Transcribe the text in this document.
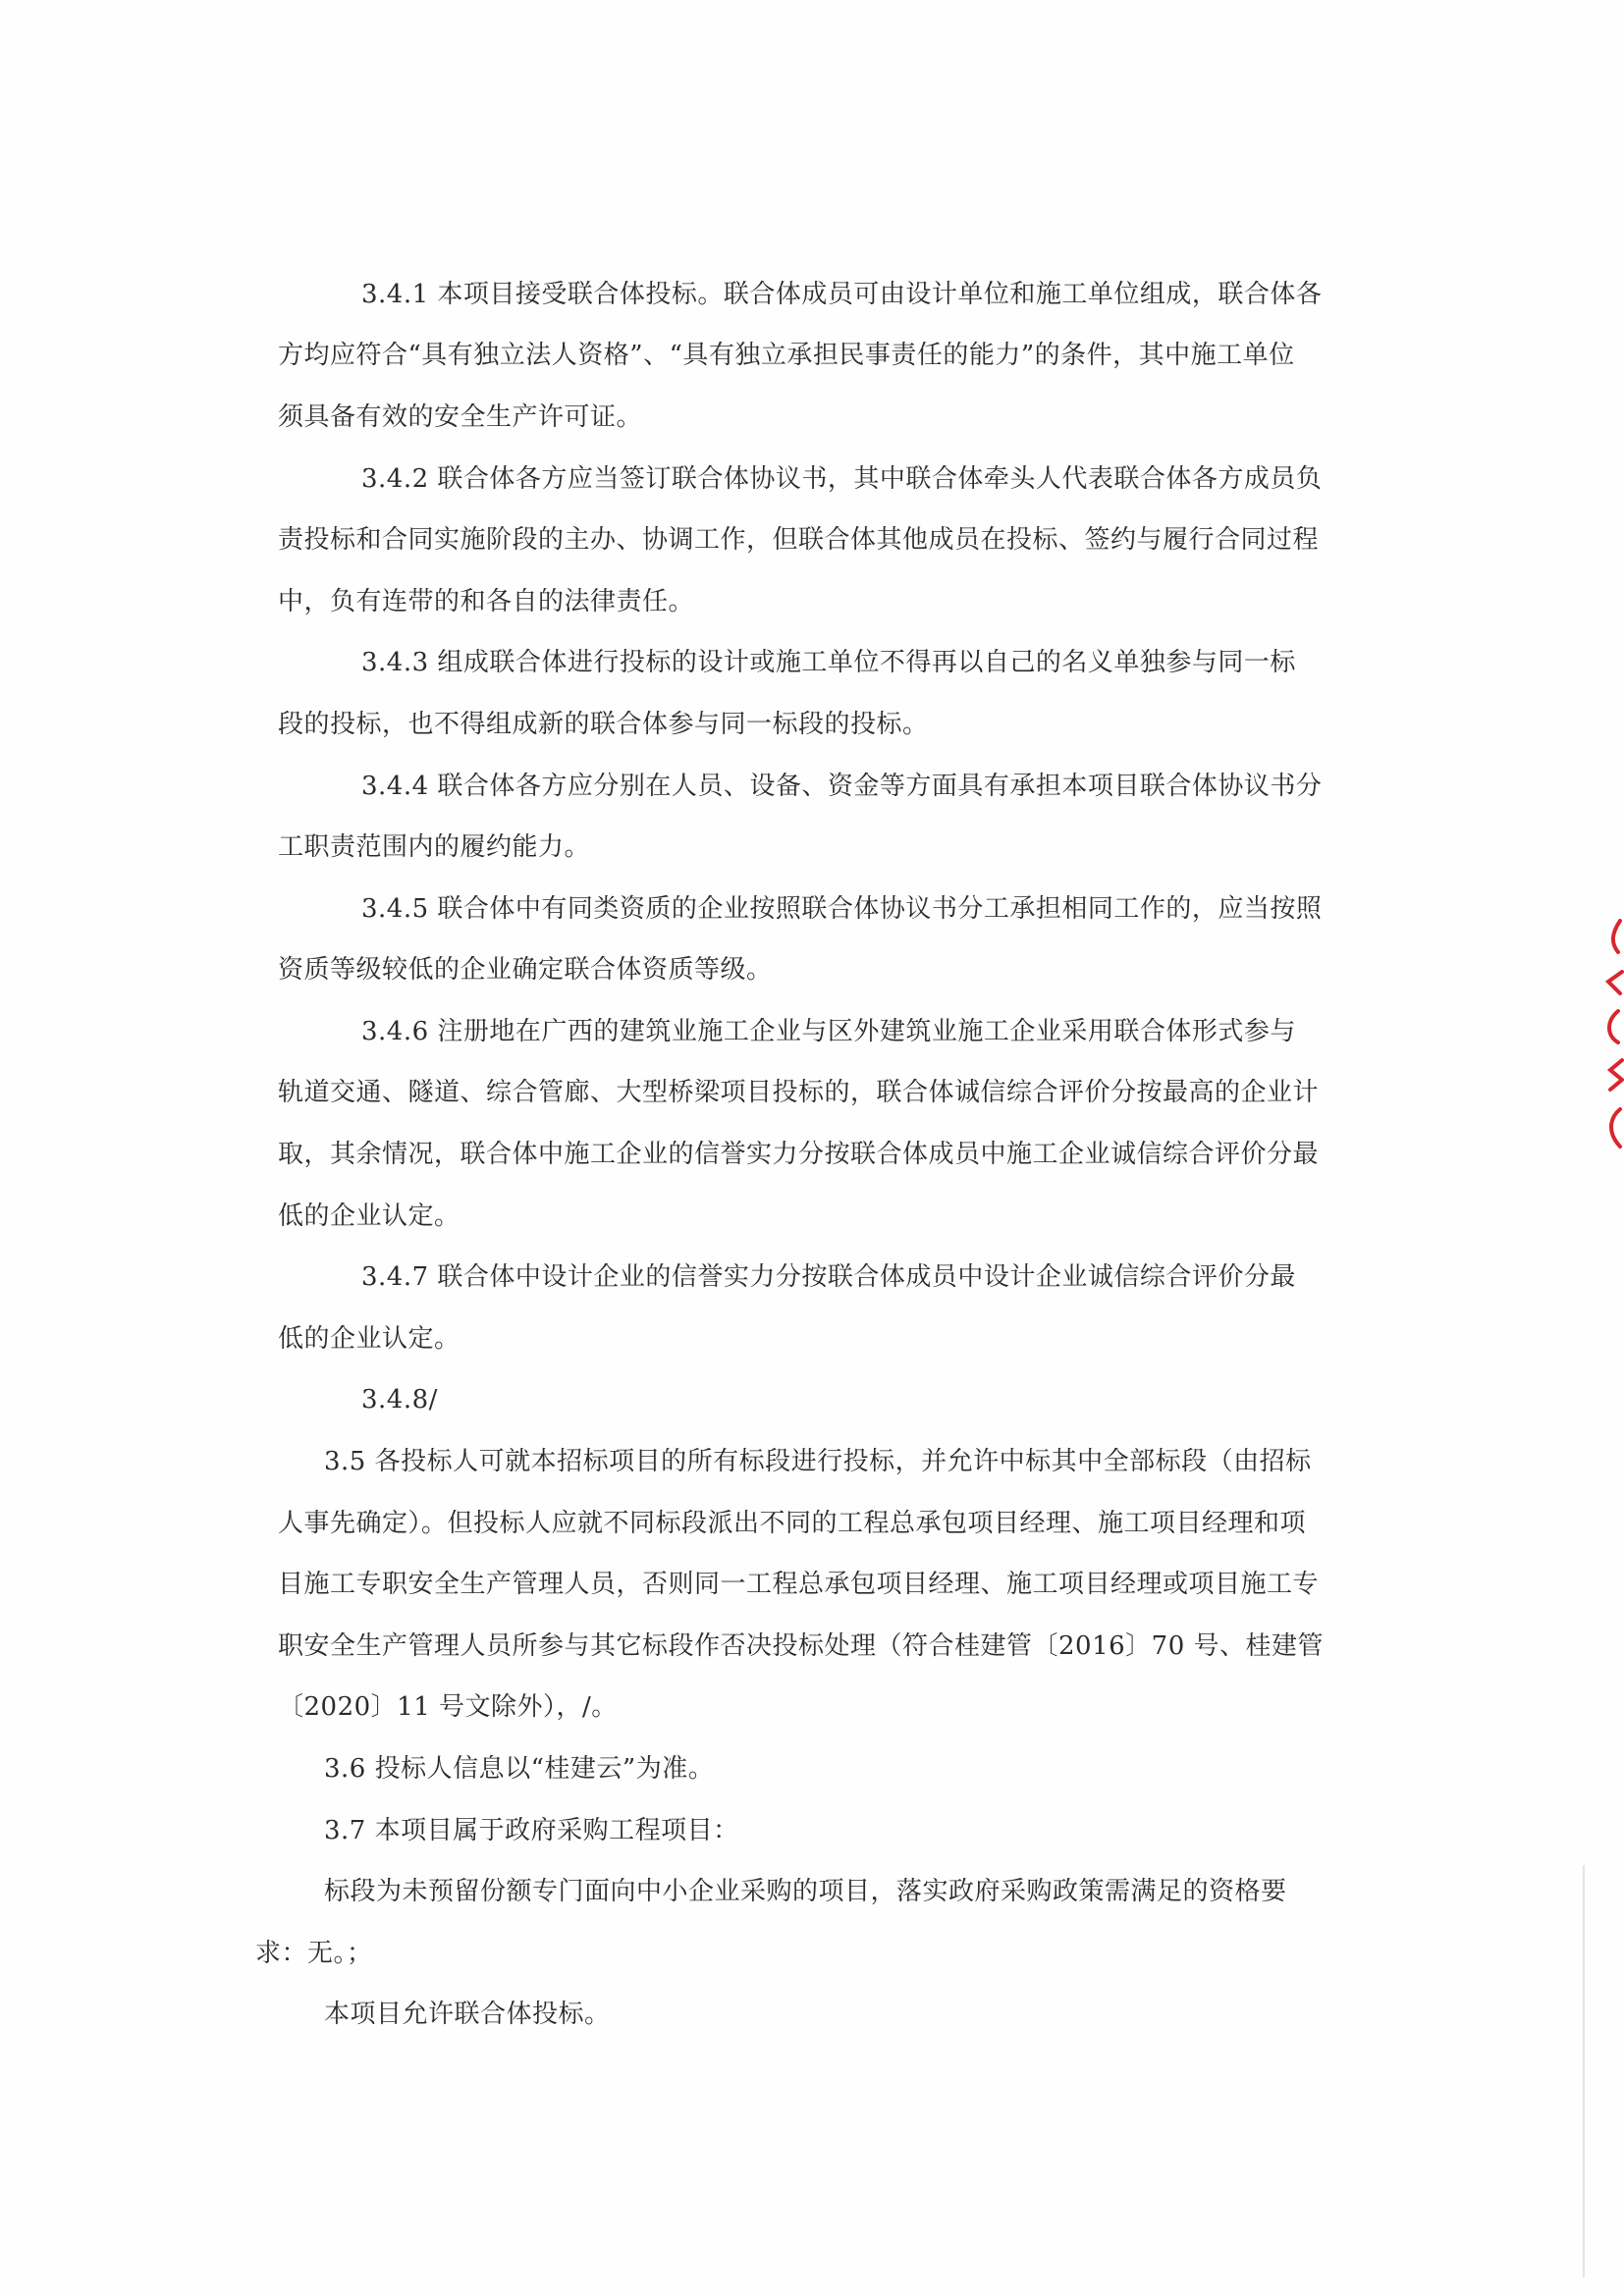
3.4.1 本项目接受联合体投标。联合体成员可由设计单位和施工单位组成，联合体各
方均应符合“具有独立法人资格”、“具有独立承担民事责任的能力”的条件，其中施工单位
须具备有效的安全生产许可证。
3.4.2 联合体各方应当签订联合体协议书，其中联合体牵头人代表联合体各方成员负
责投标和合同实施阶段的主办、协调工作，但联合体其他成员在投标、签约与履行合同过程
中，负有连带的和各自的法律责任。
3.4.3 组成联合体进行投标的设计或施工单位不得再以自己的名义单独参与同一标
段的投标，也不得组成新的联合体参与同一标段的投标。
3.4.4 联合体各方应分别在人员、设备、资金等方面具有承担本项目联合体协议书分
工职责范围内的履约能力。
3.4.5 联合体中有同类资质的企业按照联合体协议书分工承担相同工作的，应当按照
资质等级较低的企业确定联合体资质等级。
3.4.6 注册地在广西的建筑业施工企业与区外建筑业施工企业采用联合体形式参与
轨道交通、隧道、综合管廊、大型桥梁项目投标的，联合体诚信综合评价分按最高的企业计
取，其余情况，联合体中施工企业的信誉实力分按联合体成员中施工企业诚信综合评价分最
低的企业认定。
3.4.7 联合体中设计企业的信誉实力分按联合体成员中设计企业诚信综合评价分最
低的企业认定。
3.4.8/
3.5 各投标人可就本招标项目的所有标段进行投标，并允许中标其中全部标段（由招标
人事先确定）。但投标人应就不同标段派出不同的工程总承包项目经理、施工项目经理和项
目施工专职安全生产管理人员，否则同一工程总承包项目经理、施工项目经理或项目施工专
职安全生产管理人员所参与其它标段作否决投标处理（符合桂建管〔2016〕70 号、桂建管
〔2020〕11 号文除外），/。
3.6 投标人信息以“桂建云”为准。
3.7 本项目属于政府采购工程项目：
标段为未预留份额专门面向中小企业采购的项目，落实政府采购政策需满足的资格要
求：无。；
本项目允许联合体投标。
